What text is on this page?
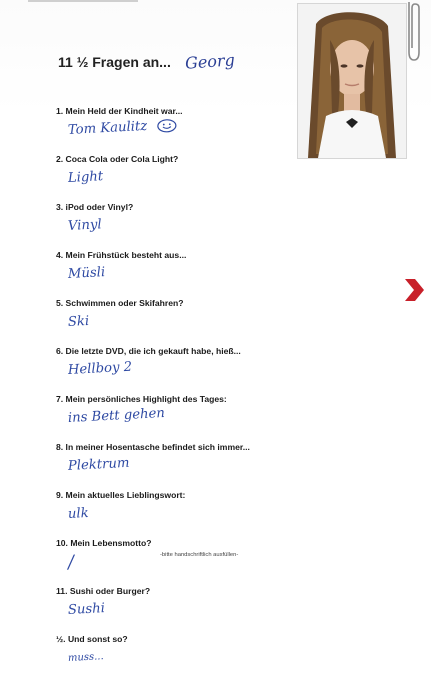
11 ½ Fragen an... Georg
1. Mein Held der Kindheit war...
Tom Kaulitz
2. Coca Cola oder Cola Light?
Light
3. iPod oder Vinyl?
Vinyl
4. Mein Frühstück besteht aus...
Müsli
5. Schwimmen oder Skifahren?
Ski
6. Die letzte DVD, die ich gekauft habe, hieß...
Hellboy 2
7. Mein persönliches Highlight des Tages:
ins Bett gehen
8. In meiner Hosentasche befindet sich immer...
Plektrum
9. Mein aktuelles Lieblingswort:
ulk
10. Mein Lebensmotto?
/
11. Sushi oder Burger?
Sushi
½. Und sonst so?
muss...
-bitte handschriftlich ausfüllen-
